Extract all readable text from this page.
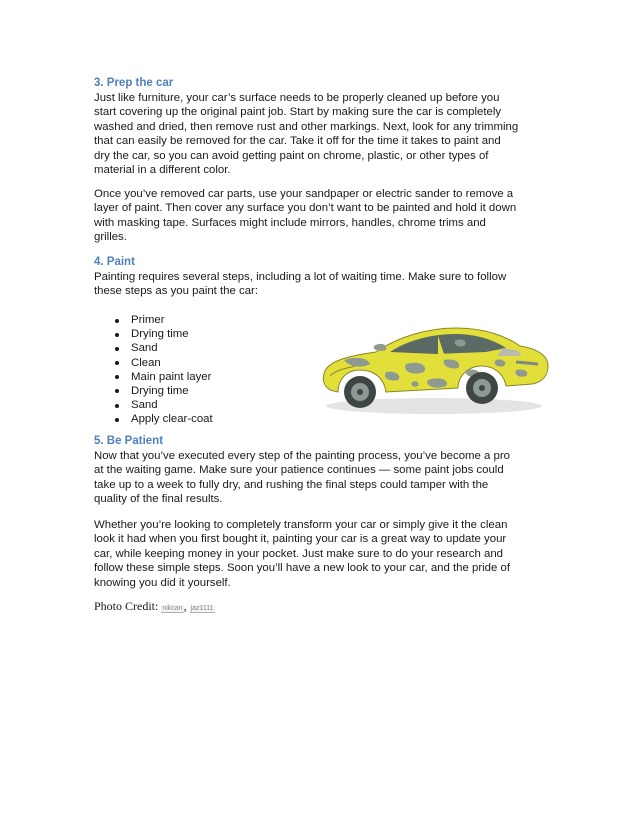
3. Prep the car
Just like furniture, your car’s surface needs to be properly cleaned up before you
start covering up the original paint job. Start by making sure the car is completely
washed and dried, then remove rust and other markings. Next, look for any trimming
that can easily be removed for the car. Take it off for the time it takes to paint and
dry the car, so you can avoid getting paint on chrome, plastic, or other types of
material in a different color.
Once you’ve removed car parts, use your sandpaper or electric sander to remove a
layer of paint. Then cover any surface you don’t want to be painted and hold it down
with masking tape. Surfaces might include mirrors, handles, chrome trims and
grilles.
4. Paint
Painting requires several steps, including a lot of waiting time. Make sure to follow
these steps as you paint the car:
Primer
Drying time
Sand
Clean
Main paint layer
Drying time
Sand
Apply clear-coat
5. Be Patient
Now that you’ve executed every step of the painting process, you’ve become a pro
at the waiting game. Make sure your patience continues — some paint jobs could
take up to a week to fully dry, and rushing the final steps could tamper with the
quality of the final results.
Whether you’re looking to completely transform your car or simply give it the clean
look it had when you first bought it, painting your car is a great way to update your
car, while keeping money in your pocket. Just make sure to do your research and
follow these simple steps. Soon you’ll have a new look to your car, and the pride of
knowing you did it yourself.
Photo Credit: nikcan, jaz1111
